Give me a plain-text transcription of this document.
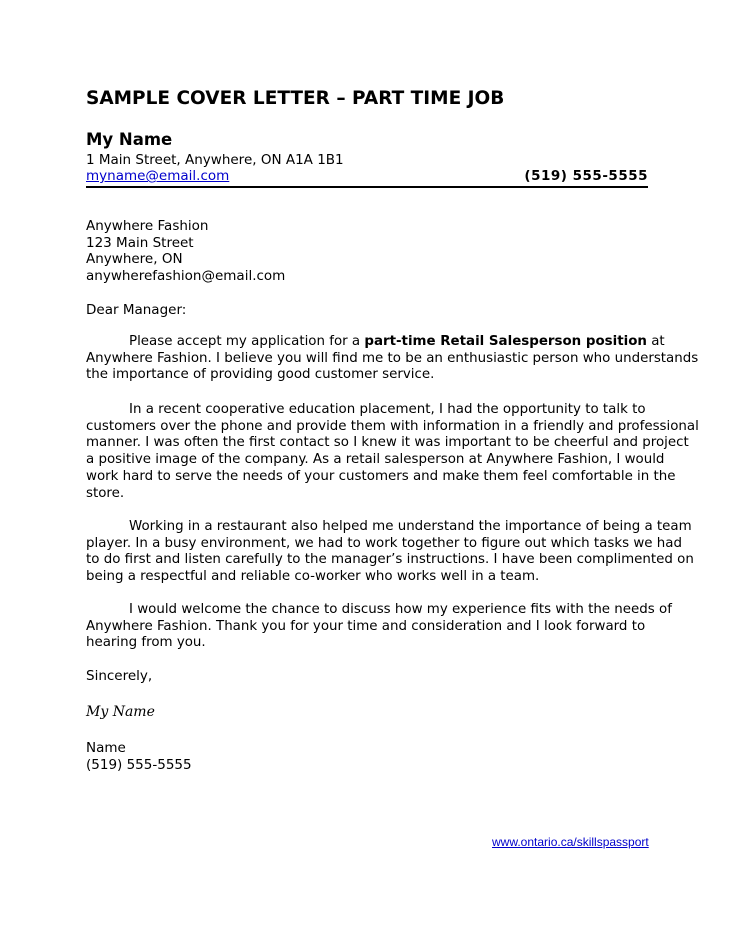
SAMPLE COVER LETTER – PART TIME JOB
My Name
1 Main Street, Anywhere, ON A1A 1B1
myname@email.com	(519) 555-5555
Anywhere Fashion
123 Main Street
Anywhere, ON
anywherefashion@email.com
Dear Manager:

Please accept my application for a part-time Retail Salesperson position at
Anywhere Fashion. I believe you will find me to be an enthusiastic person who understands
the importance of providing good customer service.

In a recent cooperative education placement, I had the opportunity to talk to
customers over the phone and provide them with information in a friendly and professional
manner. I was often the first contact so I knew it was important to be cheerful and project
a positive image of the company. As a retail salesperson at Anywhere Fashion, I would
work hard to serve the needs of your customers and make them feel comfortable in the
store.

Working in a restaurant also helped me understand the importance of being a team
player. In a busy environment, we had to work together to figure out which tasks we had
to do first and listen carefully to the manager’s instructions. I have been complimented on
being a respectful and reliable co-worker who works well in a team.

I would welcome the chance to discuss how my experience fits with the needs of
Anywhere Fashion. Thank you for your time and consideration and I look forward to
hearing from you.

Sincerely,
My Name
Name
(519) 555-5555
www.ontario.ca/skillspassport
